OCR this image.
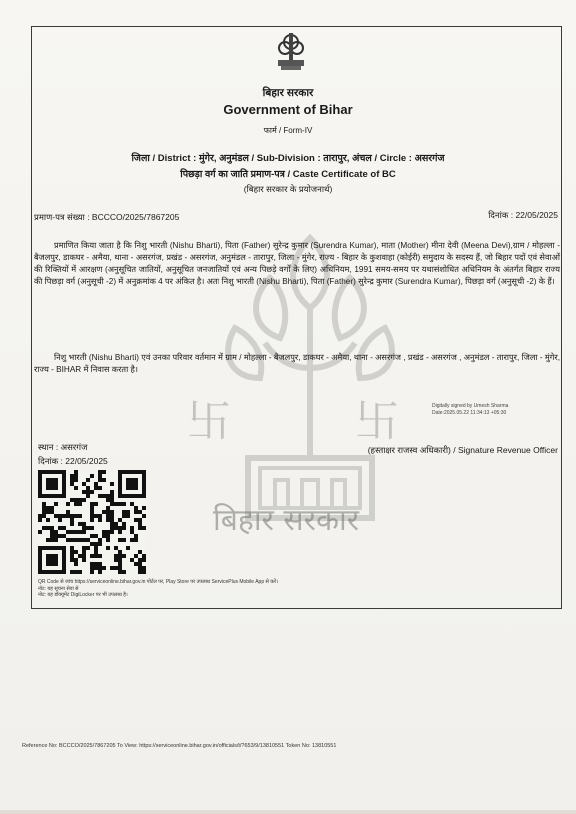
बिहार सरकार
卐	卐
बिहार सरकार
Government of Bihar
फार्म / Form-IV
जिला / District : मुंगेर, अनुमंडल / Sub-Division : तारापुर, अंचल / Circle : असरगंज
पिछड़ा वर्ग का जाति प्रमाण-पत्र / Caste Certificate of BC
(बिहार सरकार के प्रयोजनार्थ)
प्रमाण-पत्र संख्या : BCCCO/2025/7867205	दिनांक : 22/05/2025
प्रमाणित किया जाता है कि निशु भारती (Nishu Bharti), पिता (Father) सुरेन्द्र कुमार (Surendra Kumar), माता (Mother) मीना देवी (Meena Devi),ग्राम / मोहल्ला - बैजलपुर, डाकघर - अमैया, थाना - असरगंज, प्रखंड - असरगंज, अनुमंडल - तारापुर, जिला - मुंगेर, राज्य - बिहार के कुशवाहा (कोईरी) समुदाय के सदस्य हैं, जो बिहार पदों एवं सेवाओं की रिक्तियों में आरक्षण (अनुसूचित जातियों, अनुसूचित जनजातियों एवं अन्य पिछड़े वर्गों के लिए) अधिनियम, 1991 समय-समय पर यथासंशोधित अधिनियम के अंतर्गत बिहार राज्य की पिछड़ा वर्ग (अनुसूची -2) में अनुक्रमांक 4 पर अंकित है। अतः निशु भारती (Nishu Bharti), पिता (Father) सुरेन्द्र कुमार (Surendra Kumar), पिछड़ा वर्ग (अनुसूची -2) के हैं।
निशु भारती (Nishu Bharti) एवं उनका परिवार वर्तमान में ग्राम / मोहल्ला - बैजलपुर, डाकघर - अमैया, थाना - असरगंज , प्रखंड - असरगंज , अनुमंडल - तारापुर, जिला - मुंगेर, राज्य - BIHAR में निवास करता है।
Digitally signed by Umesh Sharma
Date:2025.05.22 11:34:13 +05:30
स्थान : असरगंज
दिनांक : 22/05/2025
(हस्ताक्षर राजस्व अधिकारी) / Signature Revenue Officer
QR Code से जांच https://serviceonline.bihar.gov.in पोर्टल पर, Play Store पर उपलब्ध ServicePlus Mobile App से करें।
नोट: यह सूचना सेवा से
नोट: यह डॉक्यूमेंट DigiLocker पर भी उपलब्ध है।
Reference No: BCCCO/2025/7867205 To View: https://serviceonline.bihar.gov.in/officials/t/?653/9/13810551 Token No: 13810551
